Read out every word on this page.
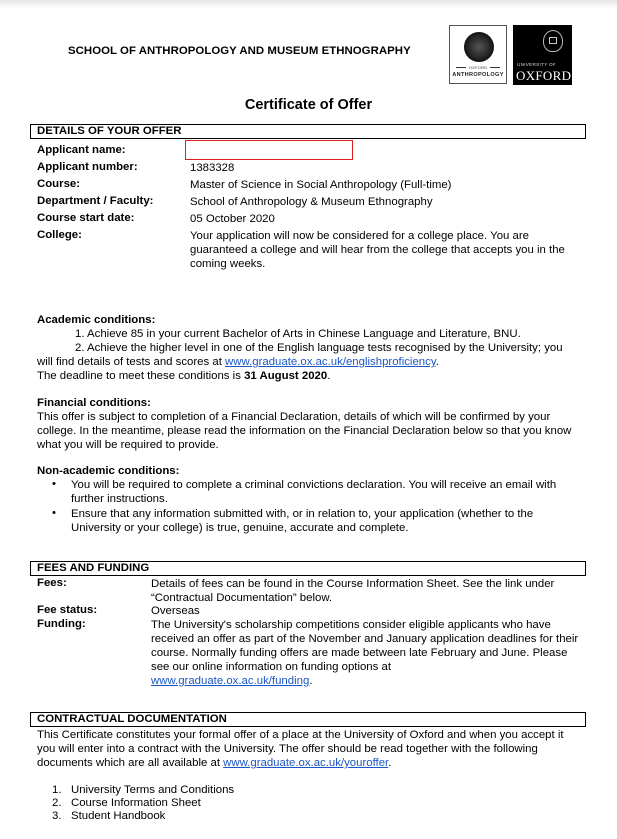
SCHOOL OF ANTHROPOLOGY AND MUSEUM ETHNOGRAPHY
OXFORD
ANTHROPOLOGY
UNIVERSITY OF
OXFORD
Certificate of Offer
DETAILS OF YOUR OFFER
Applicant name:
Applicant number:	1383328
Course:	Master of Science in Social Anthropology (Full-time)
Department / Faculty:	School of Anthropology & Museum Ethnography
Course start date:	05 October 2020
College:	Your application will now be considered for a college place. You are guaranteed a college and will hear from the college that accepts you in the coming weeks.
Academic conditions:
1. Achieve 85 in your current Bachelor of Arts in Chinese Language and Literature, BNU.
2. Achieve the higher level in one of the English language tests recognised by the University; you
will find details of tests and scores at www.graduate.ox.ac.uk/englishproficiency.
The deadline to meet these conditions is 31 August 2020.
Financial conditions:
This offer is subject to completion of a Financial Declaration, details of which will be confirmed by your college. In the meantime, please read the information on the Financial Declaration below so that you know what you will be required to provide.
Non-academic conditions:
• You will be required to complete a criminal convictions declaration. You will receive an email with further instructions.
• Ensure that any information submitted with, or in relation to, your application (whether to the University or your college) is true, genuine, accurate and complete.
FEES AND FUNDING
Fees:	Details of fees can be found in the Course Information Sheet. See the link under “Contractual Documentation” below.
Fee status:	Overseas
Funding:	The University's scholarship competitions consider eligible applicants who have received an offer as part of the November and January application deadlines for their course. Normally funding offers are made between late February and June. Please see our online information on funding options at
www.graduate.ox.ac.uk/funding.
CONTRACTUAL DOCUMENTATION
This Certificate constitutes your formal offer of a place at the University of Oxford and when you accept it you will enter into a contract with the University. The offer should be read together with the following documents which are all available at www.graduate.ox.ac.uk/youroffer.
1. University Terms and Conditions
2. Course Information Sheet
3. Student Handbook
